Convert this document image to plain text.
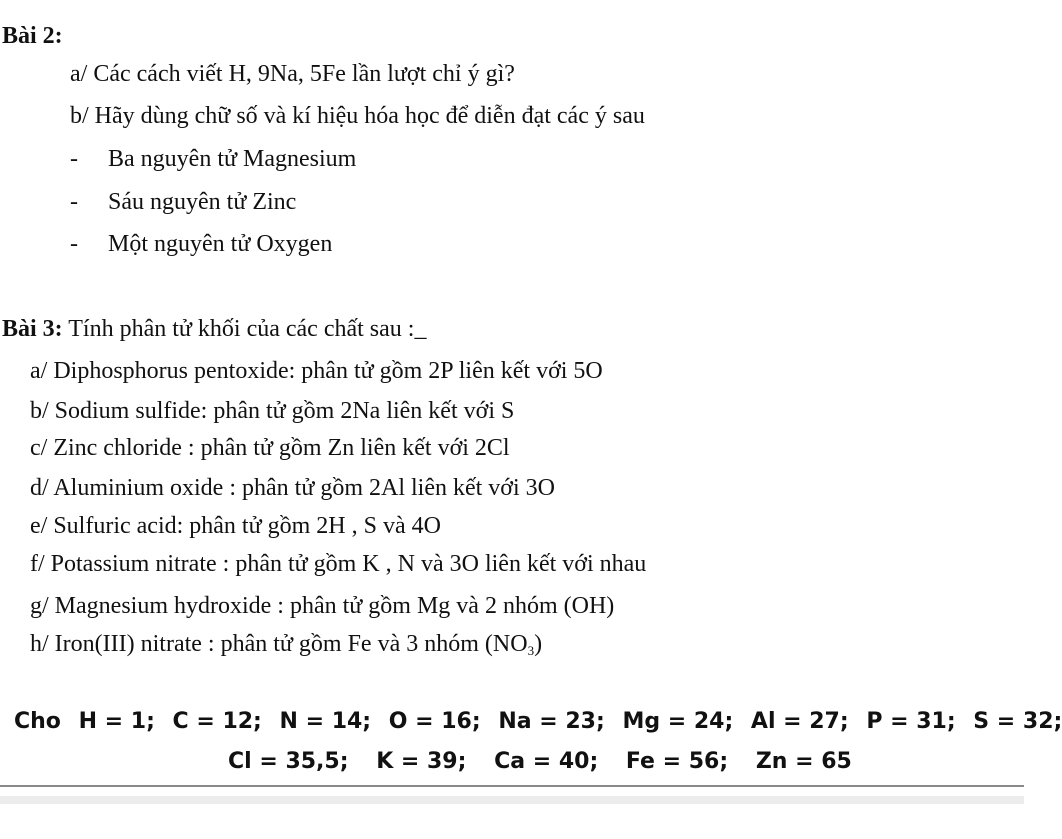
Bài 2:
a/ Các cách viết H, 9Na, 5Fe lần lượt chỉ ý gì?
b/ Hãy dùng chữ số và kí hiệu hóa học để diễn đạt các ý sau
- Ba nguyên tử Magnesium
- Sáu nguyên tử Zinc
- Một nguyên tử Oxygen
Bài 3: Tính phân tử khối của các chất sau :_
a/ Diphosphorus pentoxide: phân tử gồm 2P liên kết với 5O
b/ Sodium sulfide: phân tử gồm 2Na liên kết với S
c/ Zinc chloride : phân tử gồm Zn liên kết với 2Cl
d/ Aluminium oxide : phân tử gồm 2Al liên kết với 3O
e/ Sulfuric acid: phân tử gồm 2H , S và 4O
f/ Potassium nitrate : phân tử gồm K , N và 3O liên kết với nhau
g/ Magnesium hydroxide : phân tử gồm Mg và 2 nhóm (OH)
h/ Iron(III) nitrate : phân tử gồm Fe và 3 nhóm $(NO_3)$
Cho H = 1; C = 12; N = 14; O = 16; Na = 23; Mg = 24; Al = 27; P = 31; S = 32;
Cl = 35,5; K = 39; Ca = 40; Fe = 56; Zn = 65
